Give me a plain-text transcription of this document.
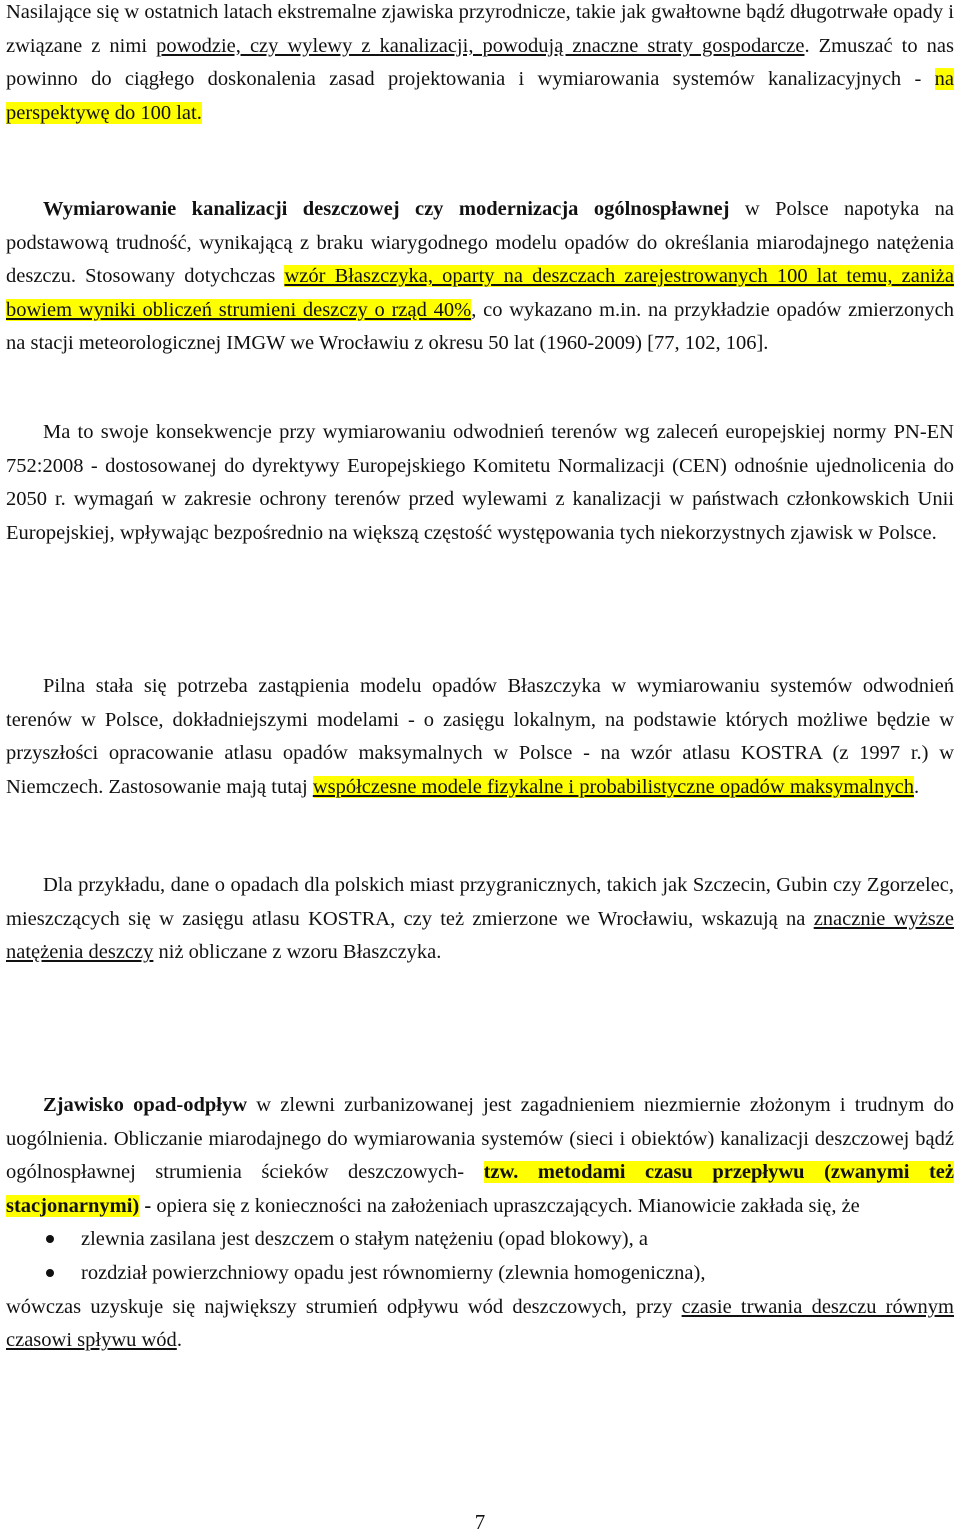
Nasilające się w ostatnich latach ekstremalne zjawiska przyrodnicze, takie jak gwałtowne bądź długotrwałe opady i związane z nimi powodzie, czy wylewy z kanalizacji, powodują znaczne straty gospodarcze. Zmuszać to nas powinno do ciągłego doskonalenia zasad projektowania i wymiarowania systemów kanalizacyjnych - na perspektywę do 100 lat.

Wymiarowanie kanalizacji deszczowej czy modernizacja ogólnospławnej w Polsce napotyka na podstawową trudność, wynikającą z braku wiarygodnego modelu opadów do określania miarodajnego natężenia deszczu. Stosowany dotychczas wzór Błaszczyka, oparty na deszczach zarejestrowanych 100 lat temu, zaniża bowiem wyniki obliczeń strumieni deszczy o rząd 40%, co wykazano m.in. na przykładzie opadów zmierzonych na stacji meteorologicznej IMGW we Wrocławiu z okresu 50 lat (1960-2009) [77, 102, 106].

Ma to swoje konsekwencje przy wymiarowaniu odwodnień terenów wg zaleceń europejskiej normy PN-EN 752:2008 - dostosowanej do dyrektywy Europejskiego Komitetu Normalizacji (CEN) odnośnie ujednolicenia do 2050 r. wymagań w zakresie ochrony terenów przed wylewami z kanalizacji w państwach członkowskich Unii Europejskiej, wpływając bezpośrednio na większą częstość występowania tych niekorzystnych zjawisk w Polsce.

Pilna stała się potrzeba zastąpienia modelu opadów Błaszczyka w wymiarowaniu systemów odwodnień terenów w Polsce, dokładniejszymi modelami - o zasięgu lokalnym, na podstawie których możliwe będzie w przyszłości opracowanie atlasu opadów maksymalnych w Polsce - na wzór atlasu KOSTRA (z 1997 r.) w Niemczech. Zastosowanie mają tutaj współczesne modele fizykalne i probabilistyczne opadów maksymalnych.

Dla przykładu, dane o opadach dla polskich miast przygranicznych, takich jak Szczecin, Gubin czy Zgorzelec, mieszczących się w zasięgu atlasu KOSTRA, czy też zmierzone we Wrocławiu, wskazują na znacznie wyższe natężenia deszczy niż obliczane z wzoru Błaszczyka.

Zjawisko opad-odpływ w zlewni zurbanizowanej jest zagadnieniem niezmiernie złożonym i trudnym do uogólnienia. Obliczanie miarodajnego do wymiarowania systemów (sieci i obiektów) kanalizacji deszczowej bądź ogólnospławnej strumienia ścieków deszczowych- tzw. metodami czasu przepływu (zwanymi też stacjonarnymi) - opiera się z konieczności na założeniach upraszczających. Mianowicie zakłada się, że
zlewnia zasilana jest deszczem o stałym natężeniu (opad blokowy), a
rozdział powierzchniowy opadu jest równomierny (zlewnia homogeniczna),
wówczas uzyskuje się największy strumień odpływu wód deszczowych, przy czasie trwania deszczu równym czasowi spływu wód.
7
